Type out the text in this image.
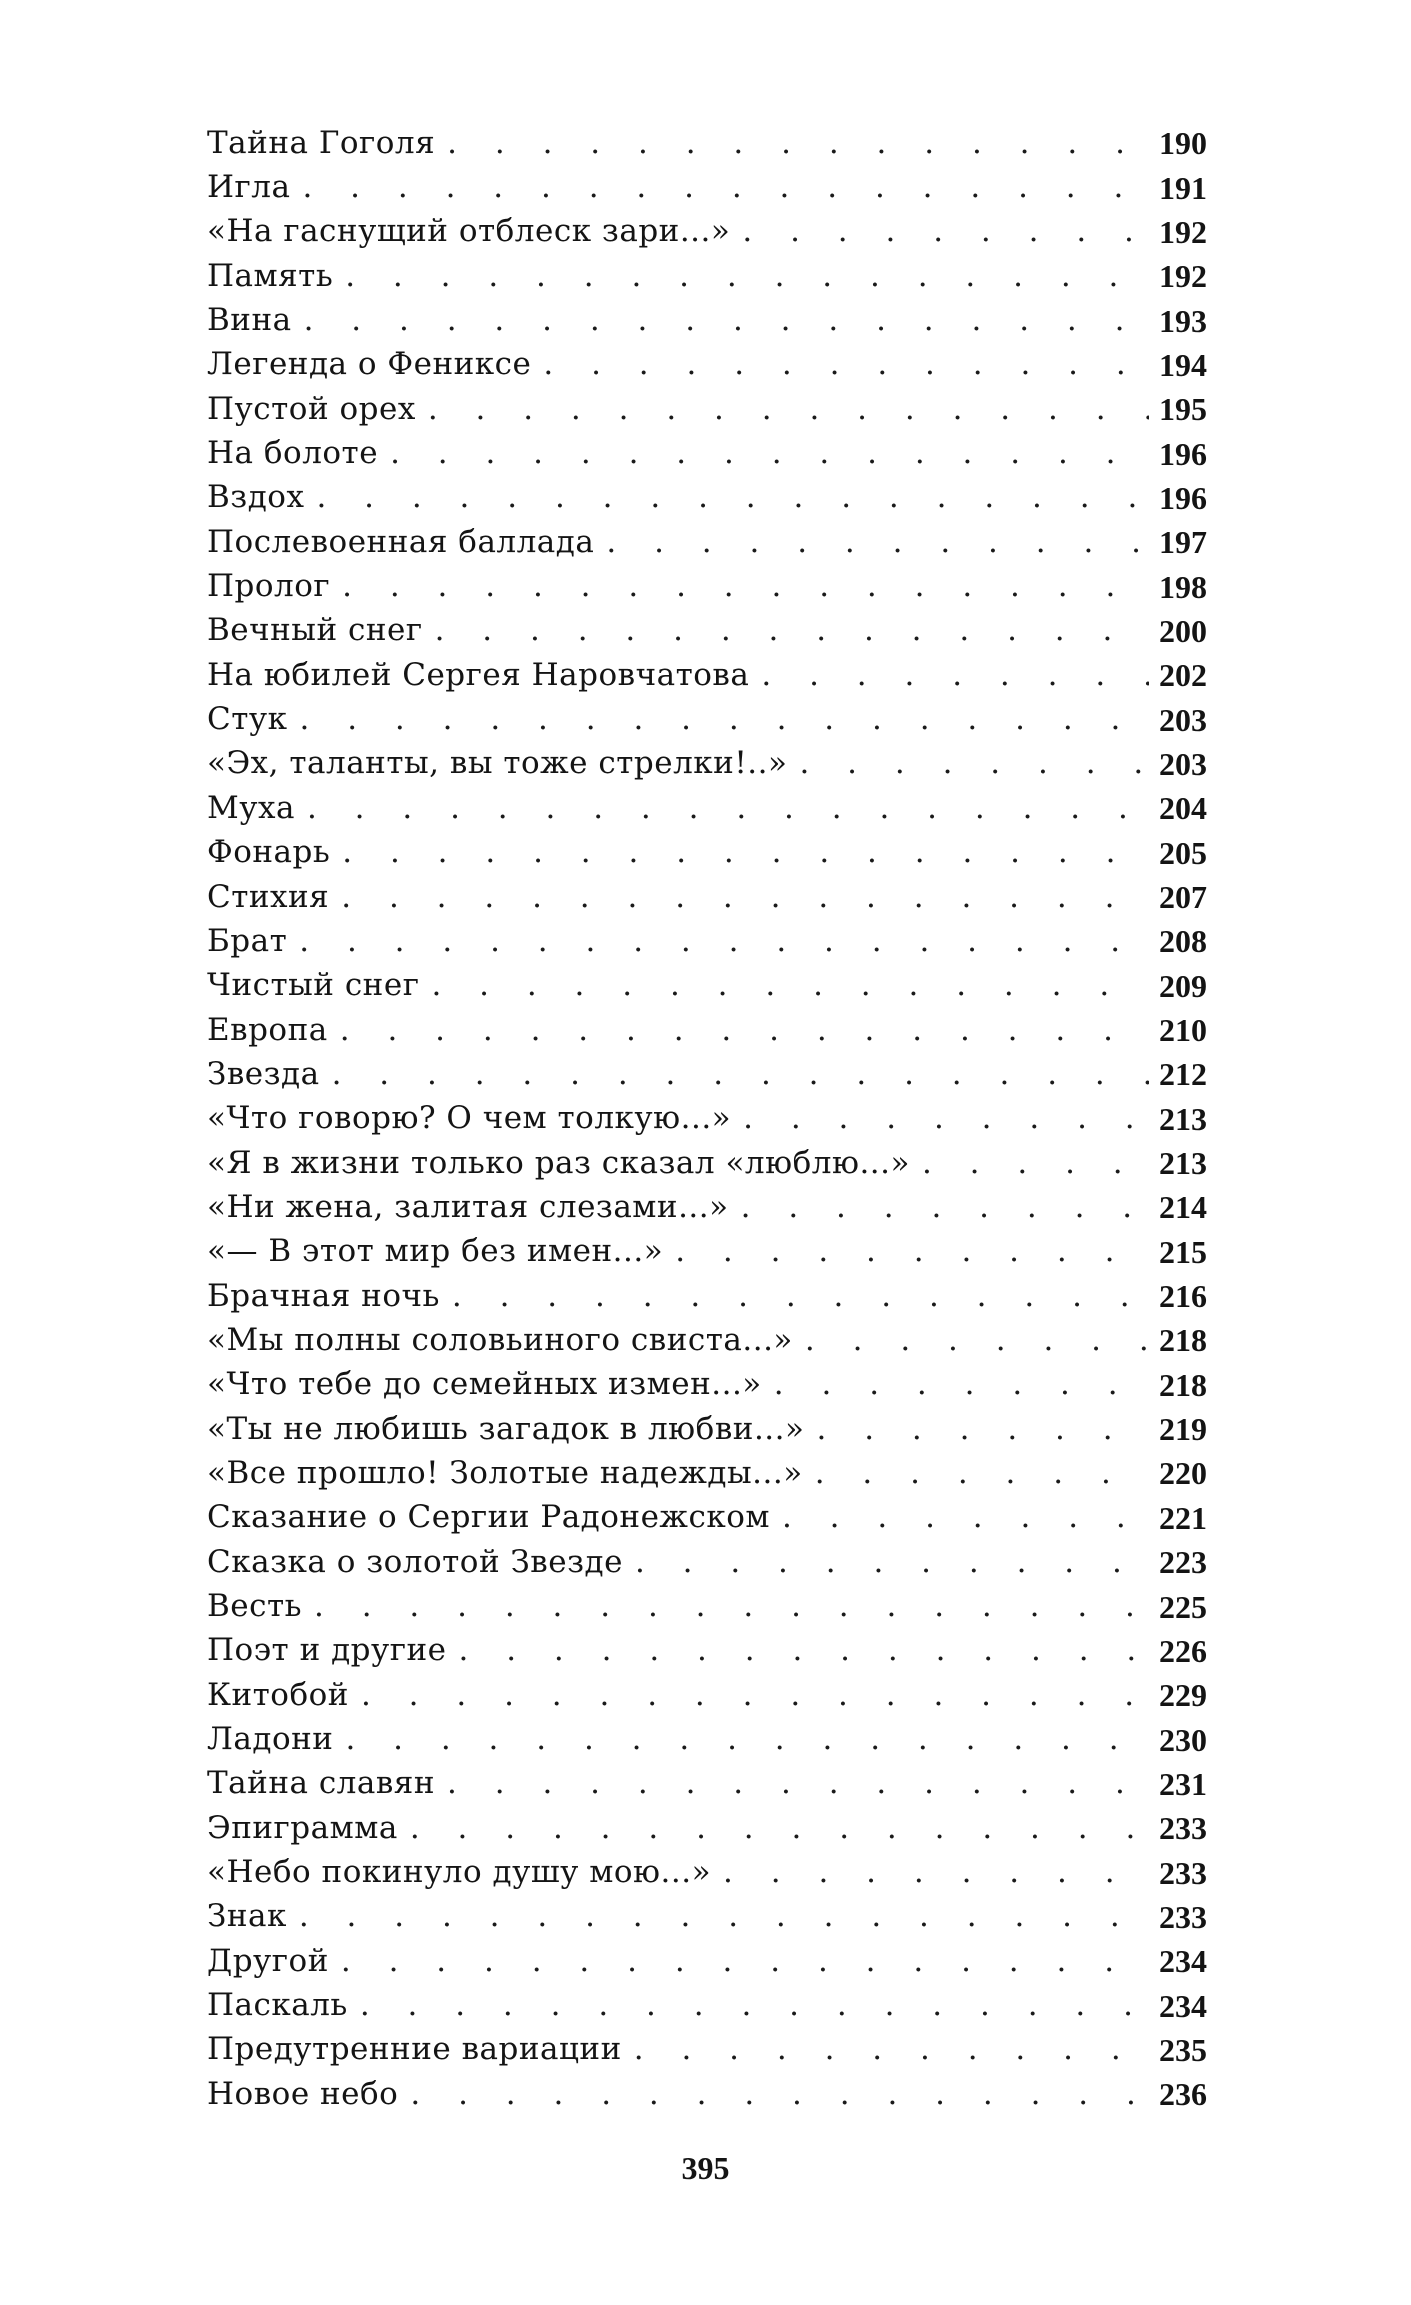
Тайна Гоголя . . .	190
Игла . . .	191
«На гаснущий отблеск зари...» . . .	192
Память . . .	192
Вина . . .	193
Легенда о Фениксе . . .	194
Пустой орех . . .	195
На болоте . . .	196
Вздох . . .	196
Послевоенная баллада . . .	197
Пролог . . .	198
Вечный снег . . .	200
На юбилей Сергея Наровчатова . . .	202
Стук . . .	203
«Эх, таланты, вы тоже стрелки!..» . . .	203
Муха . . .	204
Фонарь . . .	205
Стихия . . .	207
Брат . . .	208
Чистый снег . . .	209
Европа . . .	210
Звезда . . .	212
«Что говорю? О чем толкую...» . . .	213
«Я в жизни только раз сказал «люблю...» . . .	213
«Ни жена, залитая слезами...» . . .	214
«— В этот мир без имен...» . . .	215
Брачная ночь . . .	216
«Мы полны соловьиного свиста...» . . .	218
«Что тебе до семейных измен...» . . .	218
«Ты не любишь загадок в любви...» . . .	219
«Все прошло! Золотые надежды...» . . .	220
Сказание о Сергии Радонежском . . .	221
Сказка о золотой Звезде . . .	223
Весть . . .	225
Поэт и другие . . .	226
Китобой . . .	229
Ладони . . .	230
Тайна славян . . .	231
Эпиграмма . . .	233
«Небо покинуло душу мою...» . . .	233
Знак . . .	233
Другой . . .	234
Паскаль . . .	234
Предутренние вариации . . .	235
Новое небо . . .	236
395
